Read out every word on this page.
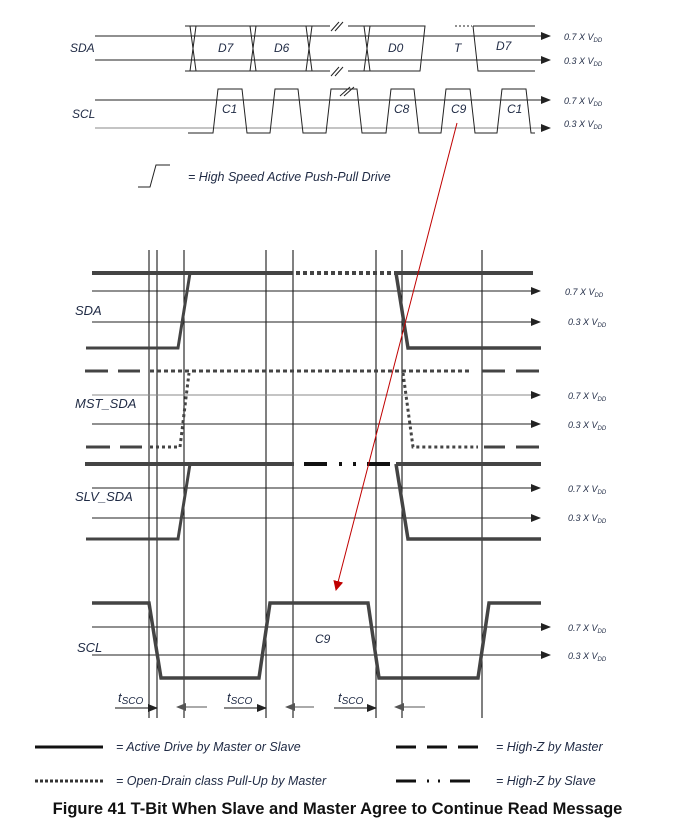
SDA	D7	D6	D0	T	D7
0.7 X $V_{DD}$
0.3 X $V_{DD}$
SCL	C1	C8	C9	C1
0.7 X $V_{DD}$
0.3 X $V_{DD}$
= High Speed Active Push-Pull Drive
SDA
0.7 X $V_{DD}$
0.3 X $V_{DD}$
MST_SDA	0.7 X $V_{DD}$
0.3 X $V_{DD}$
SLV_SDA	0.7 X $V_{DD}$
0.3 X $V_{DD}$
SCL
C9
0.7 X $V_{DD}$
0.3 X $V_{DD}$
tSCO	tSCO	tSCO
= Active Drive by Master or Slave
= Open-Drain class Pull-Up by Master
= High-Z by Master
= High-Z by Slave
Figure 41 T-Bit When Slave and Master Agree to Continue Read Message
